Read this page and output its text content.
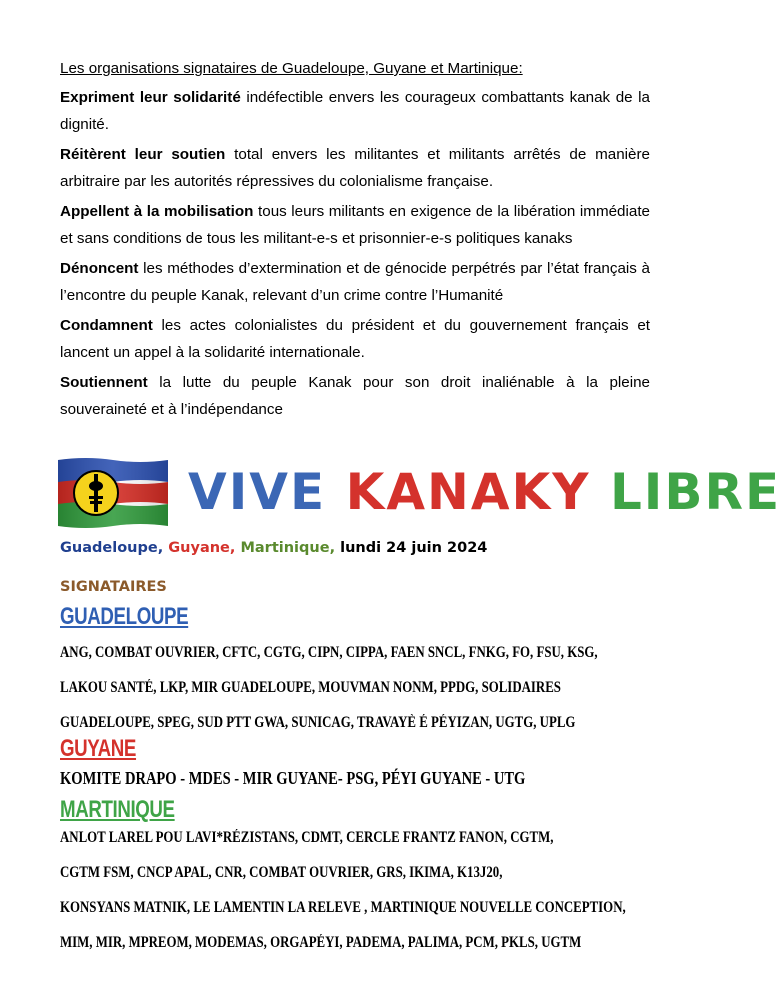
Les organisations signataires de Guadeloupe, Guyane et Martinique:
Expriment leur solidarité indéfectible envers les courageux combattants kanak de la dignité.
Réitèrent leur soutien total envers les militantes et militants arrêtés de manière arbitraire par les autorités répressives du colonialisme française.
Appellent à la mobilisation tous leurs militants en exigence de la libération immédiate et sans conditions de tous les militant-e-s et prisonnier-e-s politiques kanaks
Dénoncent les méthodes d’extermination et de génocide perpétrés par l’état français à l’encontre du peuple Kanak, relevant d’un crime contre l’Humanité
Condamnent les actes colonialistes du président et du gouvernement français et lancent un appel à la solidarité internationale.
Soutiennent la lutte du peuple Kanak pour son droit inaliénable à la pleine souveraineté et à l’indépendance
VIVE KANAKY LIBRE
Guadeloupe, Guyane, Martinique, lundi 24 juin 2024
SIGNATAIRES
GUADELOUPE
ANG, COMBAT OUVRIER, CFTC, CGTG, CIPN, CIPPA, FAEN SNCL, FNKG, FO, FSU, KSG,
LAKOU SANTÉ, LKP, MIR GUADELOUPE, MOUVMAN NONM, PPDG, SOLIDAIRES
GUADELOUPE, SPEG, SUD PTT GWA, SUNICAG, TRAVAYÈ É PÉYIZAN, UGTG, UPLG
GUYANE
KOMITE DRAPO - MDES - MIR GUYANE- PSG, PÉYI GUYANE - UTG
MARTINIQUE
ANLOT LAREL POU LAVI*RÉZISTANS, CDMT, CERCLE FRANTZ FANON, CGTM,
CGTM FSM, CNCP APAL, CNR, COMBAT OUVRIER, GRS, IKIMA, K13J20,
KONSYANS MATNIK, LE LAMENTIN LA RELEVE , MARTINIQUE NOUVELLE CONCEPTION,
MIM, MIR, MPREOM, MODEMAS, ORGAPÉYI, PADEMA, PALIMA, PCM, PKLS, UGTM
